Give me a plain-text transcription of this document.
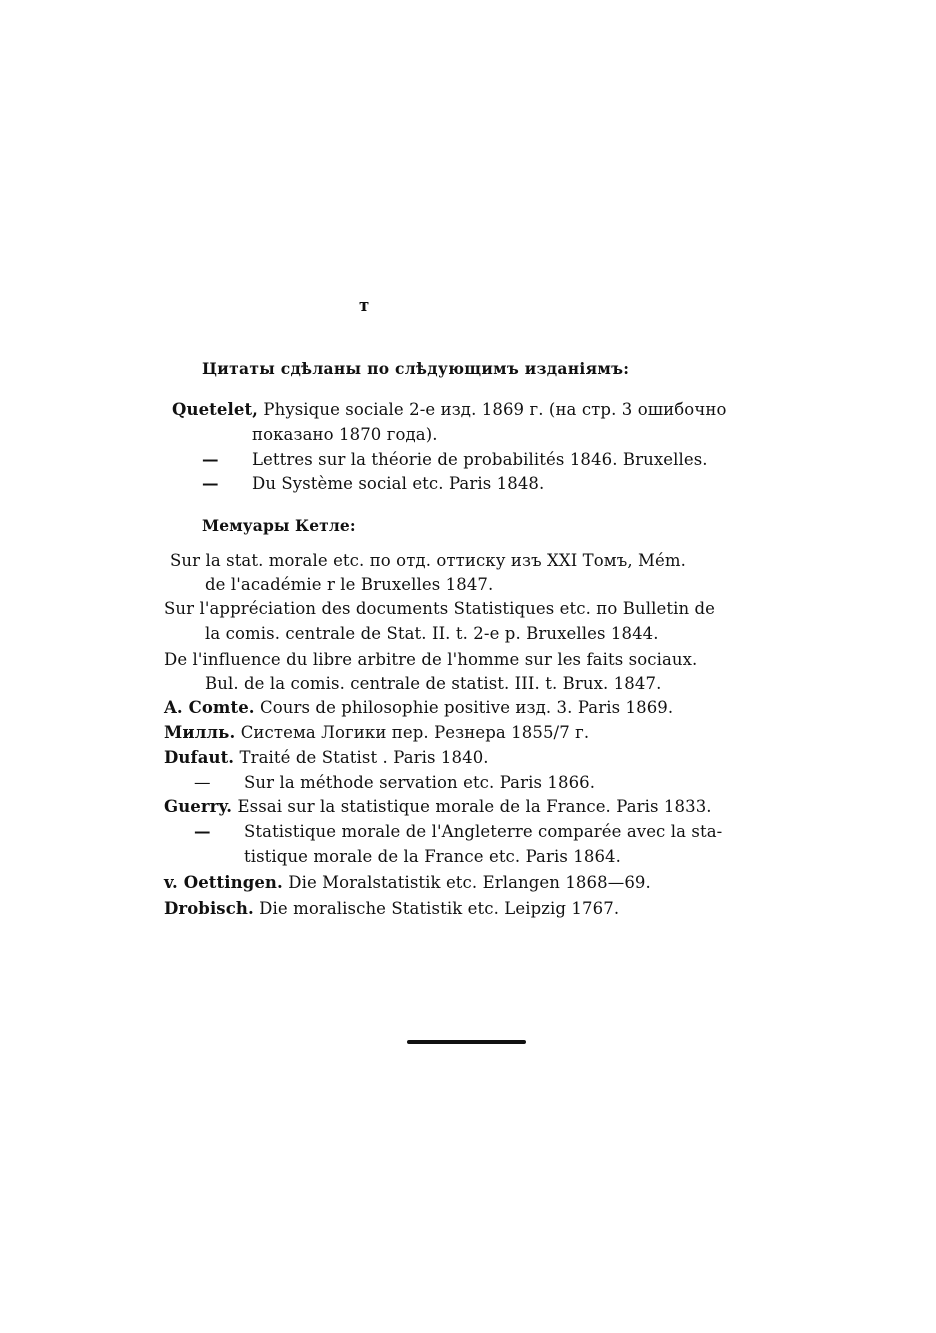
т
Цитаты сдѣланы по слѣдующимъ изданіямъ:
Quetelet, Physique sociale 2-е изд. 1869 г. (на стр. 3 ошибочно
показано 1870 года).
— Lettres sur la théorie de probabilités 1846. Bruxelles.
— Du Système social etc. Paris 1848.
Мемуары Кетле:
Sur la stat. morale etc. по отд. оттиску изъ XXI Томъ, Mém.
de l'académie r le Bruxelles 1847.
Sur l'appréciation des documents Statistiques etc. по Bulletin de
la comis. centrale de Stat. II. t. 2-е p. Bruxelles 1844.
De l'influence du libre arbitre de l'homme sur les faits sociaux.
Bul. de la comis. centrale de statist. III. t. Brux. 1847.
A. Comte. Cours de philosophie positive изд. 3. Paris 1869.
Милль. Система Логики пер. Резнера 1855/7 г.
Dufaut. Traité de Statist . Paris 1840.
— Sur la méthode servation etc. Paris 1866.
Guerry. Essai sur la statistique morale de la France. Paris 1833.
— Statistique morale de l'Angleterre comparée avec la sta-
tistique morale de la France etc. Paris 1864.
v. Oettingen. Die Moralstatistik etc. Erlangen 1868—69.
Drobisch. Die moralische Statistik etc. Leipzig 1767.
